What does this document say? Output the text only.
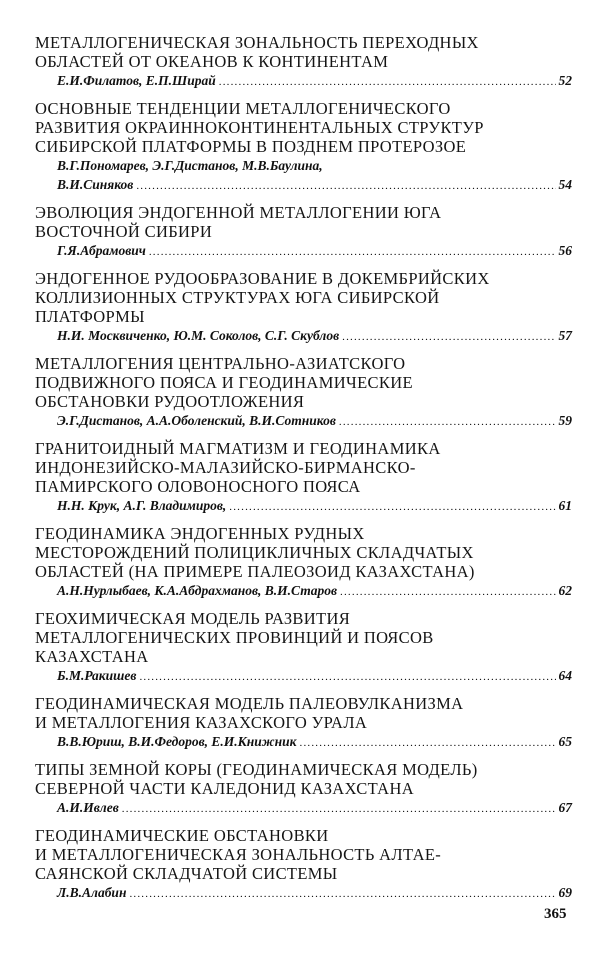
МЕТАЛЛОГЕНИЧЕСКАЯ ЗОНАЛЬНОСТЬ ПЕРЕХОДНЫХ
ОБЛАСТЕЙ ОТ ОКЕАНОВ К КОНТИНЕНТАМ
Е.И.Филатов, Е.П.Ширай .....	52
ОСНОВНЫЕ ТЕНДЕНЦИИ МЕТАЛЛОГЕНИЧЕСКОГО
РАЗВИТИЯ ОКРАИННОКОНТИНЕНТАЛЬНЫХ СТРУКТУР
СИБИРСКОЙ ПЛАТФОРМЫ В ПОЗДНЕМ ПРОТЕРОЗОЕ
В.Г.Пономарев, Э.Г.Дистанов, М.В.Баулина,
В.И.Синяков .....	54
ЭВОЛЮЦИЯ ЭНДОГЕННОЙ МЕТАЛЛОГЕНИИ ЮГА
ВОСТОЧНОЙ СИБИРИ
Г.Я.Абрамович .....	56
ЭНДОГЕННОЕ РУДООБРАЗОВАНИЕ В ДОКЕМБРИЙСКИХ
КОЛЛИЗИОННЫХ СТРУКТУРАХ ЮГА СИБИРСКОЙ
ПЛАТФОРМЫ
Н.И. Москвиченко, Ю.М. Соколов, С.Г. Скублов .....	57
МЕТАЛЛОГЕНИЯ ЦЕНТРАЛЬНО-АЗИАТСКОГО
ПОДВИЖНОГО ПОЯСА И ГЕОДИНАМИЧЕСКИЕ
ОБСТАНОВКИ РУДООТЛОЖЕНИЯ
Э.Г.Дистанов, А.А.Оболенский, В.И.Сотников .....	59
ГРАНИТОИДНЫЙ МАГМАТИЗМ И ГЕОДИНАМИКА
ИНДОНЕЗИЙСКО-МАЛАЗИЙСКО-БИРМАНСКО-
ПАМИРСКОГО ОЛОВОНОСНОГО ПОЯСА
Н.Н. Крук, А.Г. Владимиров, .....	61
ГЕОДИНАМИКА ЭНДОГЕННЫХ РУДНЫХ
МЕСТОРОЖДЕНИЙ ПОЛИЦИКЛИЧНЫХ СКЛАДЧАТЫХ
ОБЛАСТЕЙ (НА ПРИМЕРЕ ПАЛЕОЗОИД КАЗАХСТАНА)
А.Н.Нурлыбаев, К.А.Абдрахманов, В.И.Старов .....	62
ГЕОХИМИЧЕСКАЯ МОДЕЛЬ РАЗВИТИЯ
МЕТАЛЛОГЕНИЧЕСКИХ ПРОВИНЦИЙ И ПОЯСОВ
КАЗАХСТАНА
Б.М.Ракишев .....	64
ГЕОДИНАМИЧЕСКАЯ МОДЕЛЬ ПАЛЕОВУЛКАНИЗМА
И МЕТАЛЛОГЕНИЯ КАЗАХСКОГО УРАЛА
В.В.Юриш, В.И.Федоров, Е.И.Книжник .....	65
ТИПЫ ЗЕМНОЙ КОРЫ (ГЕОДИНАМИЧЕСКАЯ МОДЕЛЬ)
СЕВЕРНОЙ ЧАСТИ КАЛЕДОНИД КАЗАХСТАНА
А.И.Ивлев .....	67
ГЕОДИНАМИЧЕСКИЕ ОБСТАНОВКИ
И МЕТАЛЛОГЕНИЧЕСКАЯ ЗОНАЛЬНОСТЬ АЛТАЕ-
САЯНСКОЙ СКЛАДЧАТОЙ СИСТЕМЫ
Л.В.Алабин .....	69
365
